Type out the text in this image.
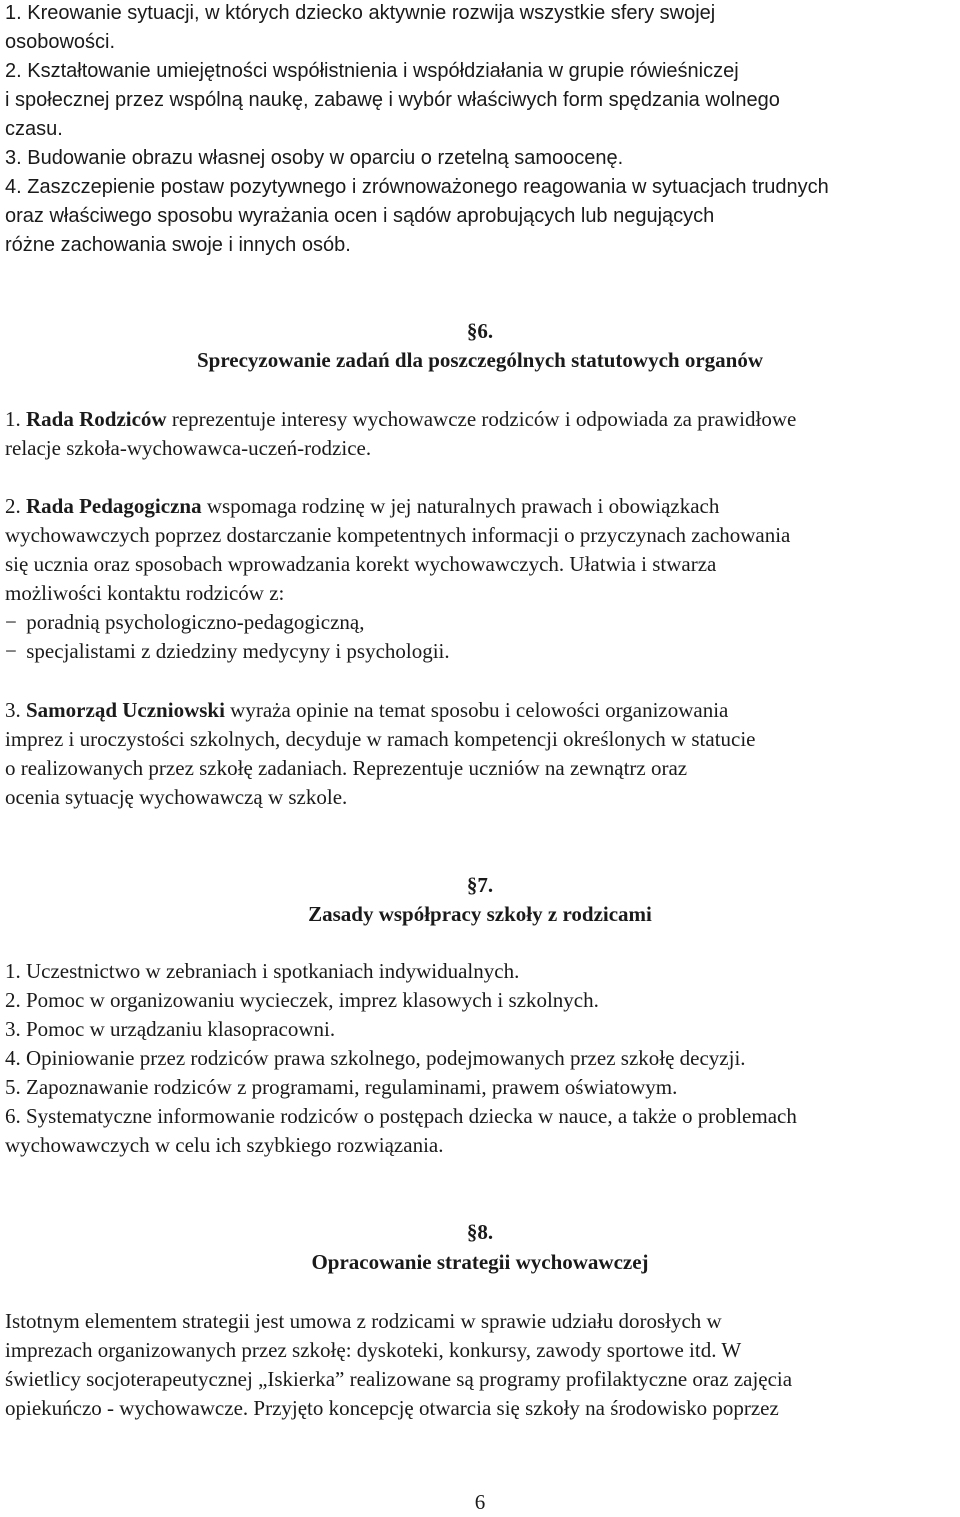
1. Kreowanie sytuacji, w których dziecko aktywnie rozwija wszystkie sfery swojej
osobowości.
2. Kształtowanie umiejętności współistnienia i współdziałania w grupie rówieśniczej
i społecznej przez wspólną naukę, zabawę i wybór właściwych form spędzania wolnego
czasu.
3. Budowanie obrazu własnej osoby w oparciu o rzetelną samoocenę.
4. Zaszczepienie postaw pozytywnego i zrównoważonego reagowania w sytuacjach trudnych
oraz właściwego sposobu wyrażania ocen i sądów aprobujących lub negujących
różne zachowania swoje i innych osób.
§6.
Sprecyzowanie zadań dla poszczególnych statutowych organów
1. Rada Rodziców reprezentuje interesy wychowawcze rodziców i odpowiada za prawidłowe
relacje szkoła-wychowawca-uczeń-rodzice.
2. Rada Pedagogiczna wspomaga rodzinę w jej naturalnych prawach i obowiązkach
wychowawczych poprzez dostarczanie kompetentnych informacji o przyczynach zachowania
się ucznia oraz sposobach wprowadzania korekt wychowawczych. Ułatwia i stwarza
możliwości kontaktu rodziców z:
− poradnią psychologiczno-pedagogiczną,
− specjalistami z dziedziny medycyny i psychologii.
3. Samorząd Uczniowski wyraża opinie na temat sposobu i celowości organizowania
imprez i uroczystości szkolnych, decyduje w ramach kompetencji określonych w statucie
o realizowanych przez szkołę zadaniach. Reprezentuje uczniów na zewnątrz oraz
ocenia sytuację wychowawczą w szkole.
§7.
Zasady współpracy szkoły z rodzicami
1. Uczestnictwo w zebraniach i spotkaniach indywidualnych.
2. Pomoc w organizowaniu wycieczek, imprez klasowych i szkolnych.
3. Pomoc w urządzaniu klasopracowni.
4. Opiniowanie przez rodziców prawa szkolnego, podejmowanych przez szkołę decyzji.
5. Zapoznawanie rodziców z programami, regulaminami, prawem oświatowym.
6. Systematyczne informowanie rodziców o postępach dziecka w nauce, a także o problemach
wychowawczych w celu ich szybkiego rozwiązania.
§8.
Opracowanie strategii wychowawczej
Istotnym elementem strategii jest umowa z rodzicami w sprawie udziału dorosłych w
imprezach organizowanych przez szkołę: dyskoteki, konkursy, zawody sportowe itd. W
świetlicy socjoterapeutycznej „Iskierka” realizowane są programy profilaktyczne oraz zajęcia
opiekuńczo - wychowawcze. Przyjęto koncepcję otwarcia się szkoły na środowisko poprzez
6
